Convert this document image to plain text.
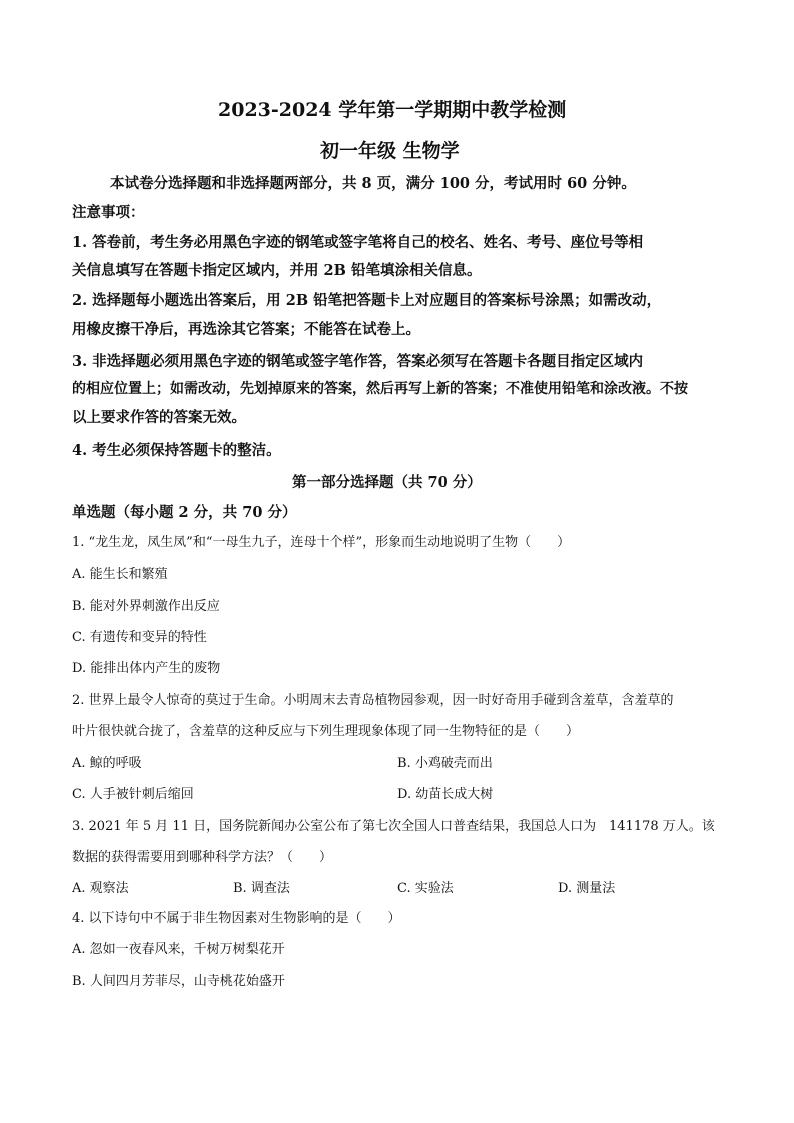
2023-2024 学年第一学期期中教学检测
初一年级 生物学
本试卷分选择题和非选择题两部分，共 8 页，满分 100 分，考试用时 60 分钟。
注意事项：
1. 答卷前，考生务必用黑色字迹的钢笔或签字笔将自己的校名、姓名、考号、座位号等相
关信息填写在答题卡指定区域内，并用 2B 铅笔填涂相关信息。
2. 选择题每小题选出答案后，用 2B 铅笔把答题卡上对应题目的答案标号涂黑；如需改动，
用橡皮擦干净后，再选涂其它答案；不能答在试卷上。
3. 非选择题必须用黑色字迹的钢笔或签字笔作答，答案必须写在答题卡各题目指定区域内
的相应位置上；如需改动，先划掉原来的答案，然后再写上新的答案；不准使用铅笔和涂改液。不按
以上要求作答的答案无效。
4. 考生必须保持答题卡的整洁。
第一部分选择题（共 70 分）
单选题（每小题 2 分，共 70 分）
1. “龙生龙，凤生凤”和“一母生九子，连母十个样”，形象而生动地说明了生物（　　）
A. 能生长和繁殖
B. 能对外界刺激作出反应
C. 有遗传和变异的特性
D. 能排出体内产生的废物
2. 世界上最令人惊奇的莫过于生命。小明周末去青岛植物园参观，因一时好奇用手碰到含羞草，含羞草的
叶片很快就合拢了，含羞草的这种反应与下列生理现象体现了同一生物特征的是（　　）
A. 鲸的呼吸	B. 小鸡破壳而出
C. 人手被针刺后缩回	D. 幼苗长成大树
3. 2021 年 5 月 11 日，国务院新闻办公室公布了第七次全国人口普查结果，我国总人口为 141178 万人。该
数据的获得需要用到哪种科学方法？（　　）
A. 观察法	B. 调查法	C. 实验法	D. 测量法
4. 以下诗句中不属于非生物因素对生物影响的是（　　）
A. 忽如一夜春风来，千树万树梨花开
B. 人间四月芳菲尽，山寺桃花始盛开
